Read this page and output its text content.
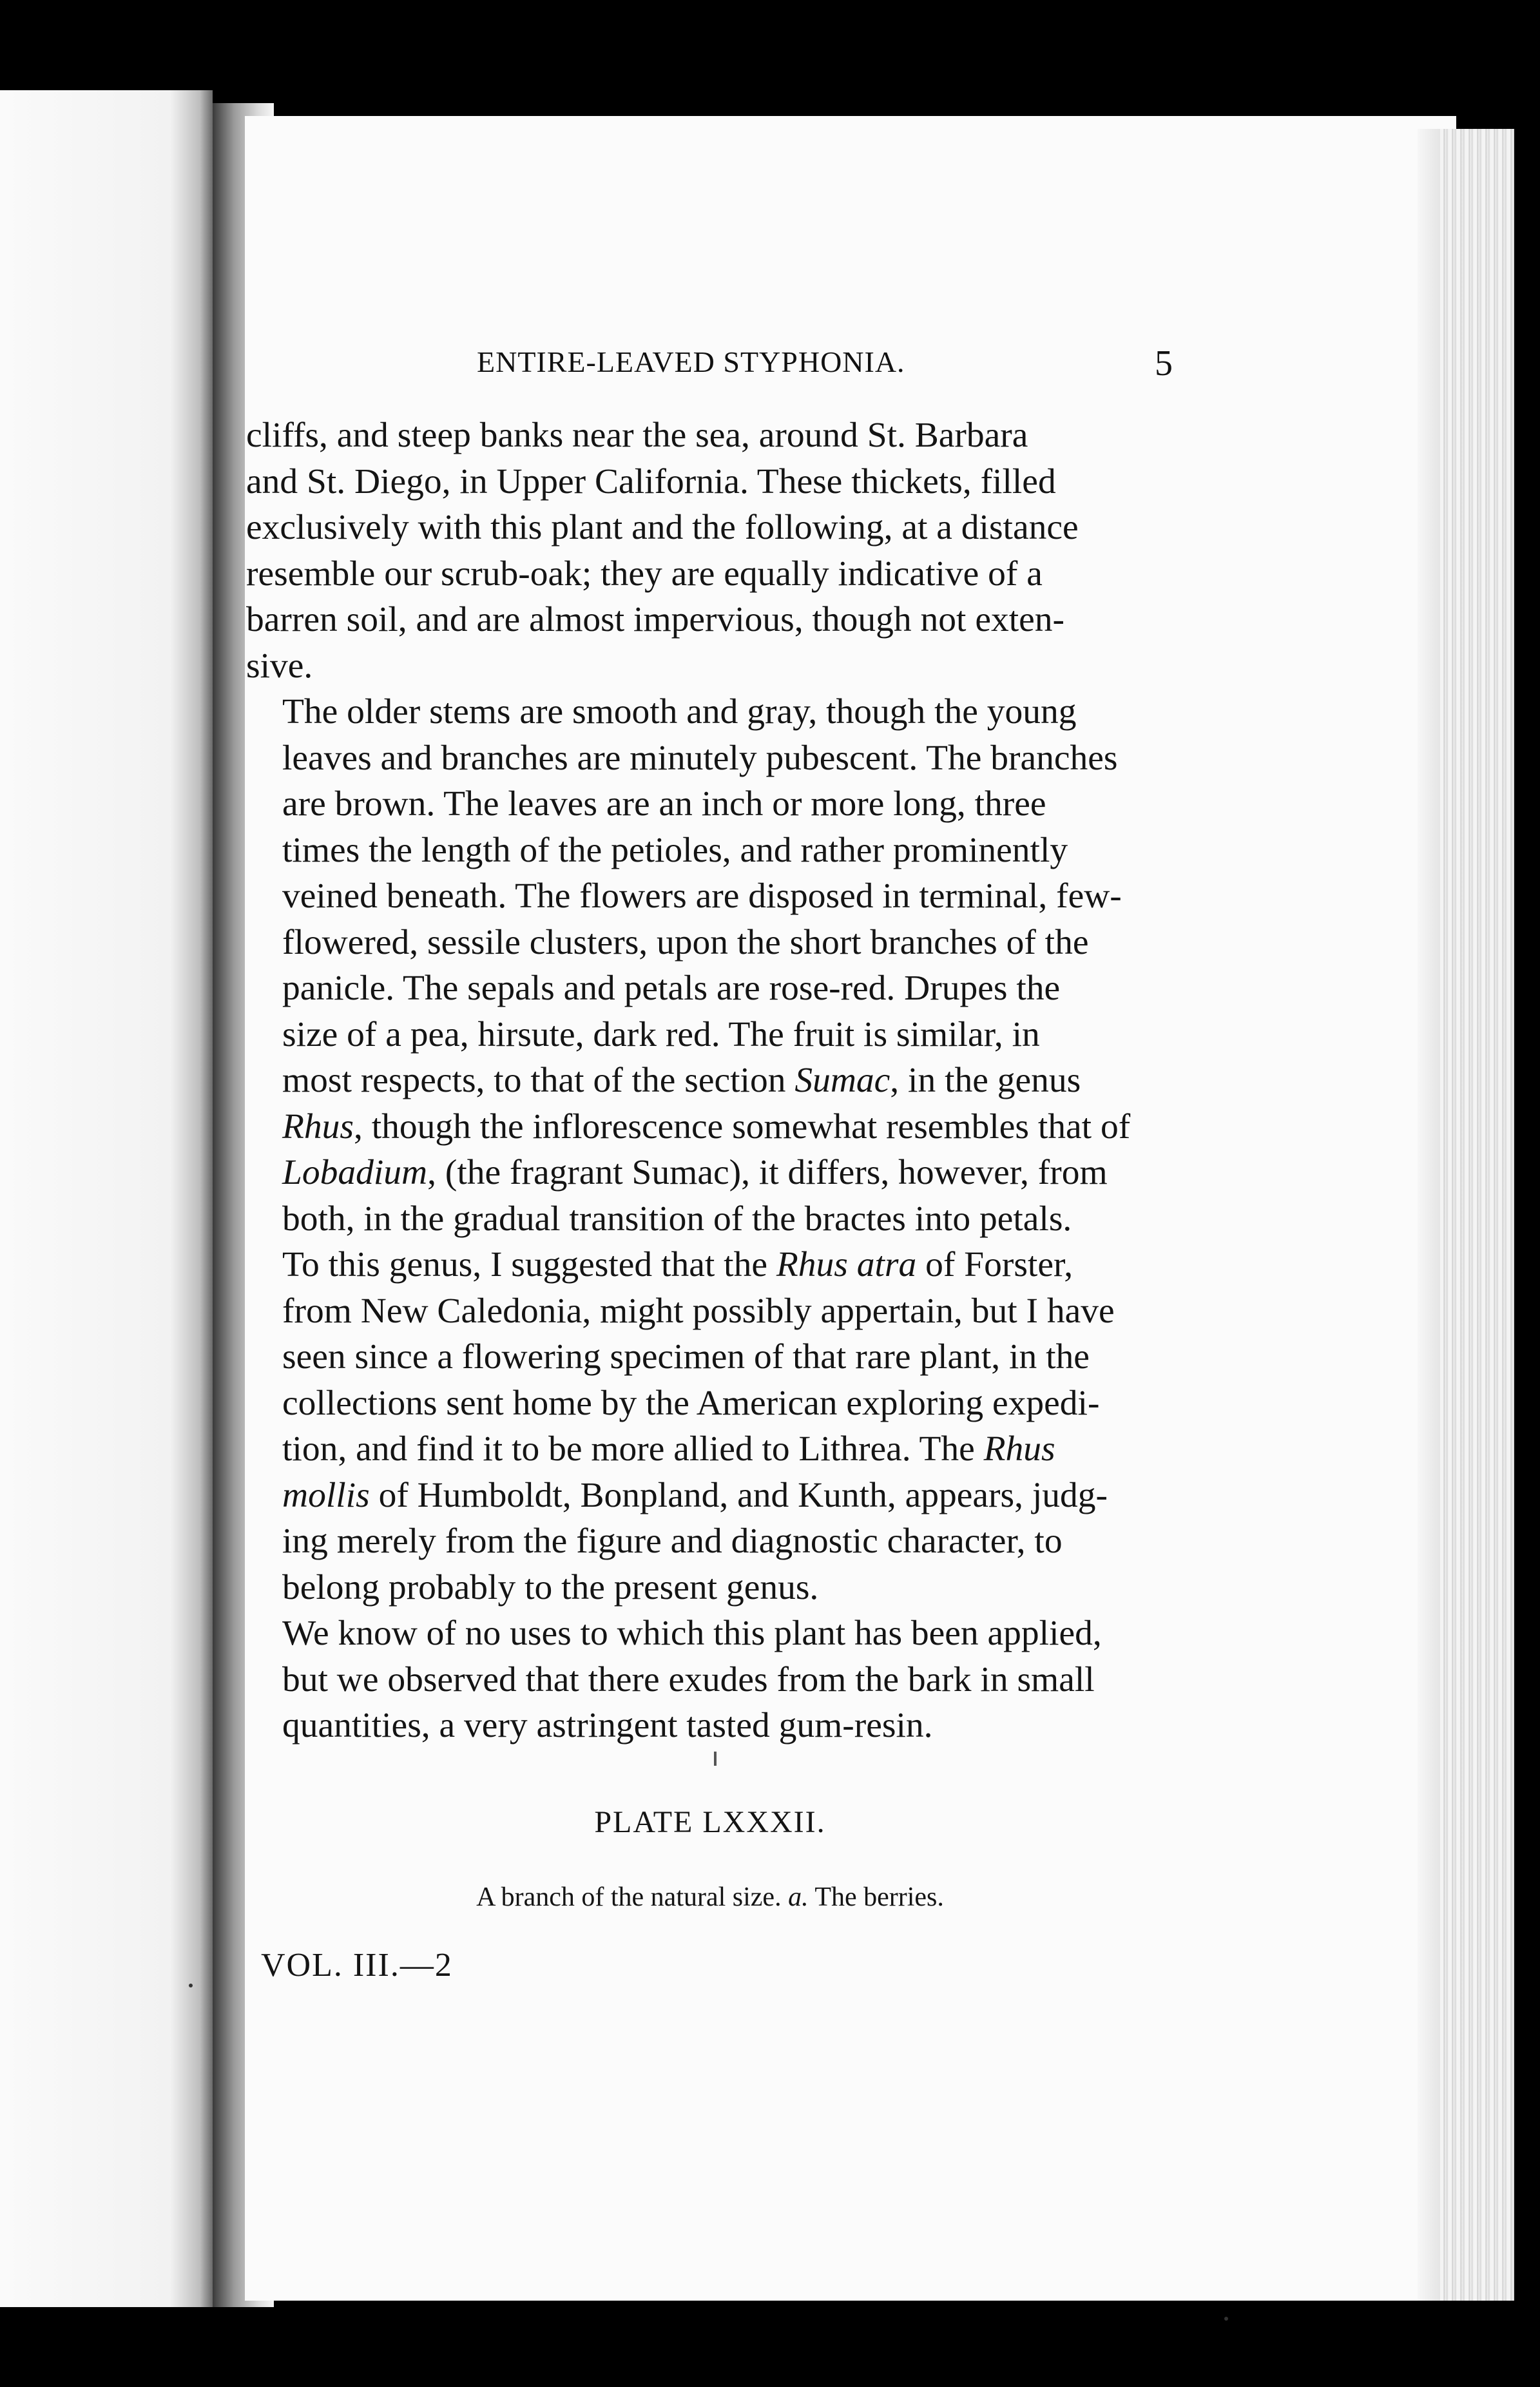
ENTIRE-LEAVED STYPHONIA.	5

cliffs, and steep banks near the sea, around St. Barbara
and St. Diego, in Upper California. These thickets, filled
exclusively with this plant and the following, at a distance
resemble our scrub-oak; they are equally indicative of a
barren soil, and are almost impervious, though not exten-
sive.

The older stems are smooth and gray, though the young
leaves and branches are minutely pubescent. The branches
are brown. The leaves are an inch or more long, three
times the length of the petioles, and rather prominently
veined beneath. The flowers are disposed in terminal, few-
flowered, sessile clusters, upon the short branches of the
panicle. The sepals and petals are rose-red. Drupes the
size of a pea, hirsute, dark red. The fruit is similar, in
most respects, to that of the section Sumac, in the genus
Rhus, though the inflorescence somewhat resembles that of
Lobadium, (the fragrant Sumac), it differs, however, from
both, in the gradual transition of the bractes into petals.

To this genus, I suggested that the Rhus atra of Forster,
from New Caledonia, might possibly appertain, but I have
seen since a flowering specimen of that rare plant, in the
collections sent home by the American exploring expedi-
tion, and find it to be more allied to Lithrea. The Rhus
mollis of Humboldt, Bonpland, and Kunth, appears, judg-
ing merely from the figure and diagnostic character, to
belong probably to the present genus.

We know of no uses to which this plant has been applied,
but we observed that there exudes from the bark in small
quantities, a very astringent tasted gum-resin.

PLATE LXXXII.
A branch of the natural size. a. The berries.
VOL. III.—2
